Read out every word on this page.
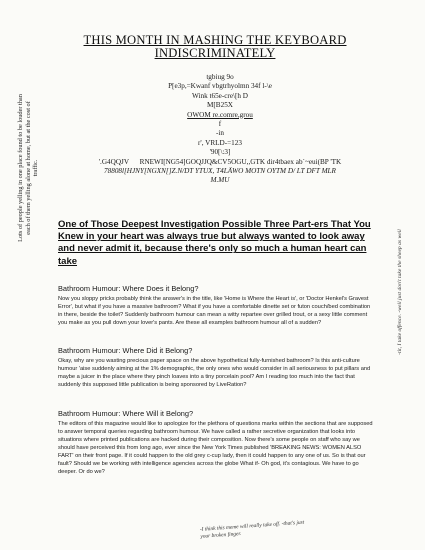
THIS MONTH IN MASHING THE KEYBOARD INDISCRIMINATELY
tgbiug 9o
P[e3p,=Kwanf vbgtrhyolmn 34f l-\e
Wink t65e-cre\[h D
M[B25X
OWOM re.comre,grou
f
-in
r', VRLD-=123
'90[\:3]
'.G4QQJV      RNEWI[NG54]GOQJJQ&CV5OGU,,GTK dir4tbaex ab`~eui(BP 'TK
78808l[HJNY[NGXN[]Z.N/DT YTUX, T4LÄWO MOTN OYTM D/ LT DFT MLR
M.MU
Lots of people yelling in one place found to be louder than each of them yelling alone at home, but at the cost of traffic.
-tit, I take offence. -well just don't take the sheep as well
One of Those Deepest Investigation Possible Three Part-ers That You Knew in your heart was always true but always wanted to look away and never admit it, because there's only so much a human heart can take
Bathroom Humour: Where Does it Belong?

Now you sloppy pricks probably think the answer's in the title, like 'Home is Where the Heart is', or 'Doctor Henkel's Gravest Error', but what if you have a massive bathroom? What if you have a comfortable dinette set or futon couch/bed combination in there, beside the toilet? Suddenly bathroom humour can mean a witty repartee over grilled trout, or a sexy little comment you make as you pull down your lover's pants. Are these all examples bathroom humour all of a sudden?

Bathroom Humour: Where Did it Belong?

Okay, why are you wasting precious paper space on the above hypothetical fully-furnished bathroom? Is this anti-culture humour 'aise suddenly aiming at the 1% demographic, the only ones who would consider in all seriousness to put pillars and maybe a juicer in the place where they pinch loaves into a tiny porcelain pool? Am I reading too much into the fact that suddenly this supposed little publication is being sponsored by LiveRation?

Bathroom Humour: Where Will it Belong?

The editors of this magazine would like to apologize for the plethora of questions marks within the sections that are supposed to answer temporal queries regarding bathroom humour. We have called a rather secretive organization that looks into situations where printed publications are hacked during their composition. Now there's some people on staff who say we should have perceived this from long ago, ever since the New York Times published 'BREAKING NEWS: WOMEN ALSO FART' on their front page. If it could happen to the old grey c-cup lady, then it could happen to any one of us. So is that our fault? Should we be working with intelligence agencies across the globe What if- Oh god, it's contagious. We have to go deeper. Or do we?

-I think this meme will really take off. -that's just your broken finger.
